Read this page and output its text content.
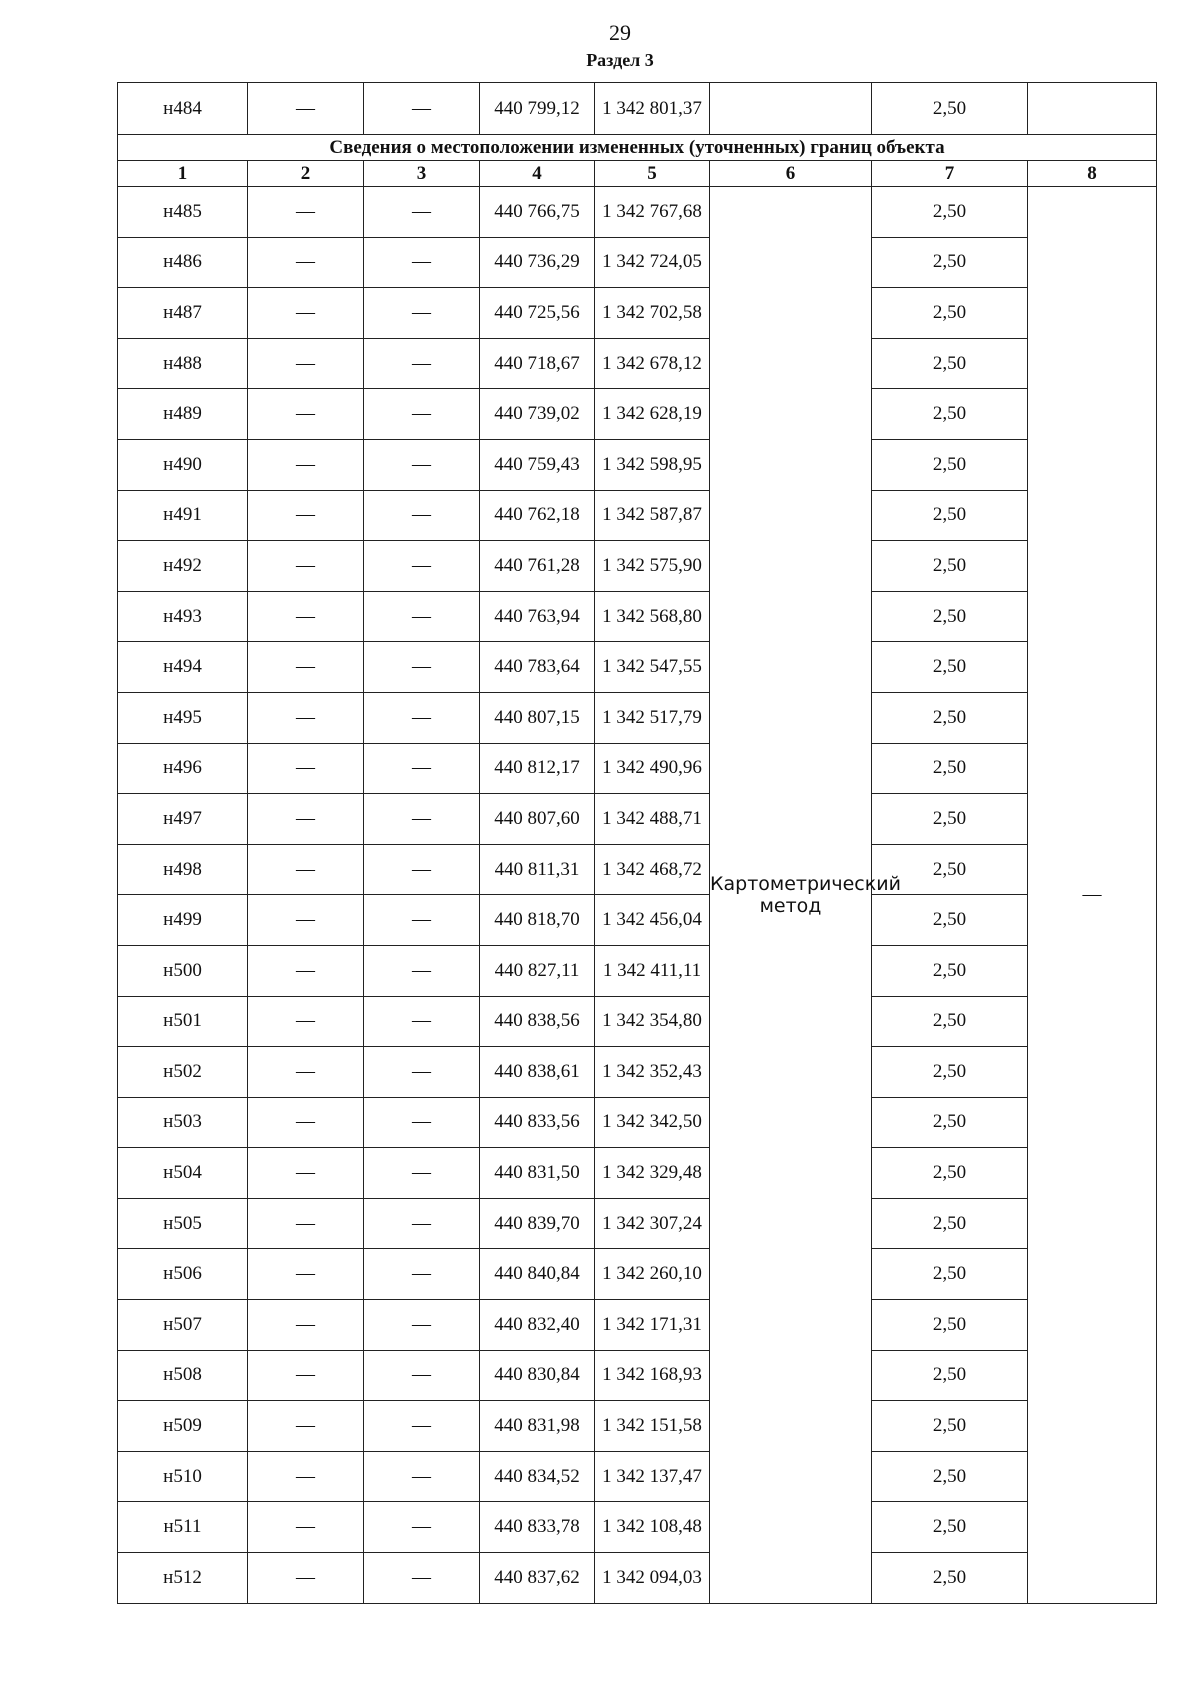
29
Раздел 3
н484	—	—	440 799,12	1 342 801,37		2,50	
Сведения о местоположении измененных (уточненных) границ объекта							
1	2	3	4	5	6	7	8
н485	—	—	440 766,75	1 342 767,68	Картометрический метод	2,50	—
н486	—	—	440 736,29	1 342 724,05		2,50	
н487	—	—	440 725,56	1 342 702,58		2,50	
н488	—	—	440 718,67	1 342 678,12		2,50	
н489	—	—	440 739,02	1 342 628,19		2,50	
н490	—	—	440 759,43	1 342 598,95		2,50	
н491	—	—	440 762,18	1 342 587,87		2,50	
н492	—	—	440 761,28	1 342 575,90		2,50	
н493	—	—	440 763,94	1 342 568,80		2,50	
н494	—	—	440 783,64	1 342 547,55		2,50	
н495	—	—	440 807,15	1 342 517,79		2,50	
н496	—	—	440 812,17	1 342 490,96		2,50	
н497	—	—	440 807,60	1 342 488,71		2,50	
н498	—	—	440 811,31	1 342 468,72		2,50	
н499	—	—	440 818,70	1 342 456,04		2,50	
н500	—	—	440 827,11	1 342 411,11		2,50	
н501	—	—	440 838,56	1 342 354,80		2,50	
н502	—	—	440 838,61	1 342 352,43		2,50	
н503	—	—	440 833,56	1 342 342,50		2,50	
н504	—	—	440 831,50	1 342 329,48		2,50	
н505	—	—	440 839,70	1 342 307,24		2,50	
н506	—	—	440 840,84	1 342 260,10		2,50	
н507	—	—	440 832,40	1 342 171,31		2,50	
н508	—	—	440 830,84	1 342 168,93		2,50	
н509	—	—	440 831,98	1 342 151,58		2,50	
н510	—	—	440 834,52	1 342 137,47		2,50	
н511	—	—	440 833,78	1 342 108,48		2,50	
н512	—	—	440 837,62	1 342 094,03		2,50	
